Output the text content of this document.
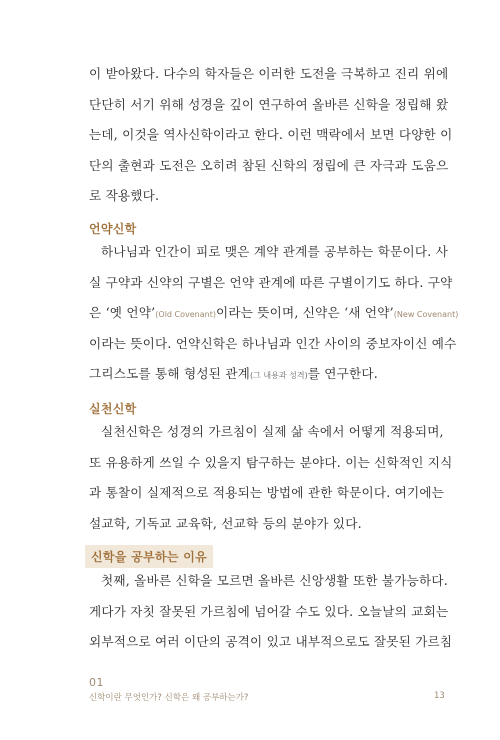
이 받아왔다. 다수의 학자들은 이러한 도전을 극복하고 진리 위에
단단히 서기 위해 성경을 깊이 연구하여 올바른 신학을 정립해 왔
는데, 이것을 역사신학이라고 한다. 이런 맥락에서 보면 다양한 이
단의 출현과 도전은 오히려 참된 신학의 정립에 큰 자극과 도움으
로 작용했다.
언약신학
하나님과 인간이 피로 맺은 계약 관계를 공부하는 학문이다. 사
실 구약과 신약의 구별은 언약 관계에 따른 구별이기도 하다. 구약
은 ‘옛 언약’(Old Covenant)이라는 뜻이며, 신약은 ‘새 언약’(New Covenant)
이라는 뜻이다. 언약신학은 하나님과 인간 사이의 중보자이신 예수
그리스도를 통해 형성된 관계(그 내용과 성격)를 연구한다.
실천신학
실천신학은 성경의 가르침이 실제 삶 속에서 어떻게 적용되며,
또 유용하게 쓰일 수 있을지 탐구하는 분야다. 이는 신학적인 지식
과 통찰이 실제적으로 적용되는 방법에 관한 학문이다. 여기에는
설교학, 기독교 교육학, 선교학 등의 분야가 있다.
신학을 공부하는 이유
첫째, 올바른 신학을 모르면 올바른 신앙생활 또한 불가능하다.
게다가 자칫 잘못된 가르침에 넘어갈 수도 있다. 오늘날의 교회는
외부적으로 여러 이단의 공격이 있고 내부적으로도 잘못된 가르침
01
신학이란 무엇인가? 신학은 왜 공부하는가?	13
